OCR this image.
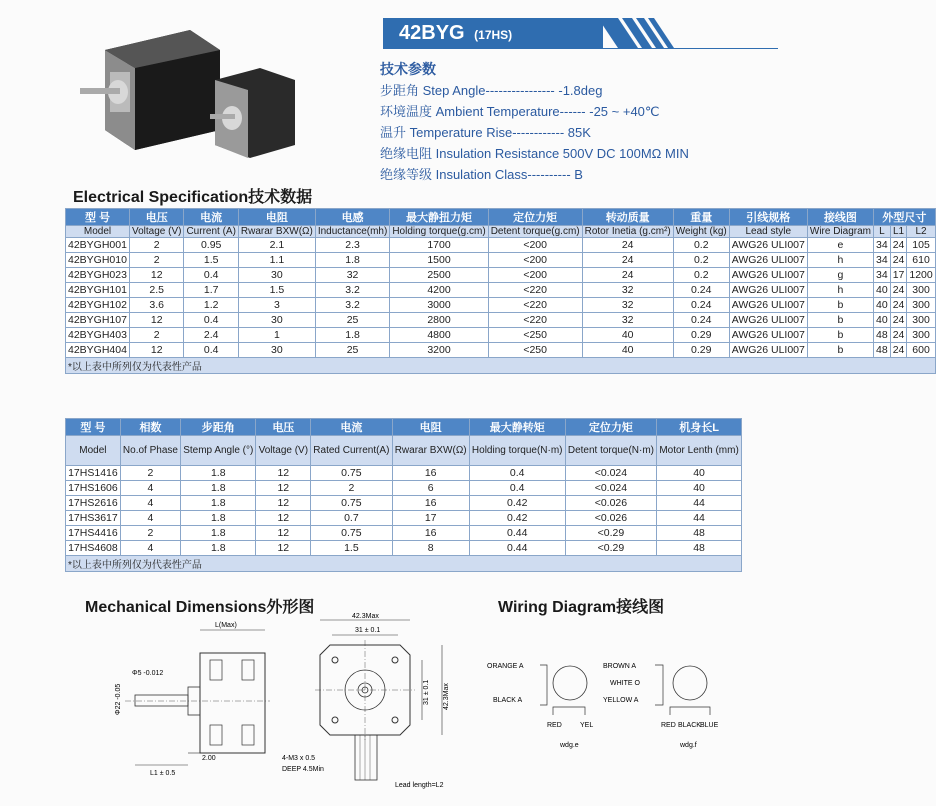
42BYG (17HS)
技术参数
步距角 Step Angle---------------- -1.8deg
环境温度 Ambient Temperature------ -25 ~ +40℃
温升 Temperature Rise------------ 85K
绝缘电阻 Insulation Resistance 500V DC 100MΩ MIN
绝缘等级 Insulation Class---------- B
Electrical Specification技术数据
型 号	电压	电流	电阻	电感	最大静扭力矩	定位力矩	转动质量	重量	引线规格	接线图	外型尺寸		
Model	Voltage (V)	Current (A)	Rwarar BXW(Ω)	Inductance(mh)	Holding torque(g.cm)	Detent torque(g.cm)	Rotor Inetia (g.cm²)	Weight (kg)	Lead style	Wire Diagram	L	L1	L2
42BYGH001	2	0.95	2.1	2.3	1700	<200	24	0.2	AWG26 ULI007	e	34	24	105
42BYGH010	2	1.5	1.1	1.8	1500	<200	24	0.2	AWG26 ULI007	h	34	24	610
42BYGH023	12	0.4	30	32	2500	<200	24	0.2	AWG26 ULI007	g	34	17	1200
42BYGH101	2.5	1.7	1.5	3.2	4200	<220	32	0.24	AWG26 ULI007	h	40	24	300
42BYGH102	3.6	1.2	3	3.2	3000	<220	32	0.24	AWG26 ULI007	b	40	24	300
42BYGH107	12	0.4	30	25	2800	<220	32	0.24	AWG26 ULI007	b	40	24	300
42BYGH403	2	2.4	1	1.8	4800	<250	40	0.29	AWG26 ULI007	b	48	24	300
42BYGH404	12	0.4	30	25	3200	<250	40	0.29	AWG26 ULI007	b	48	24	600
*以上表中所列仅为代表性产品													
型 号	相数	步距角	电压	电流	电阻	最大静转矩	定位力矩	机身长L
Model	No.of Phase	Stemp Angle (°)	Voltage (V)	Rated Current(A)	Rwarar BXW(Ω)	Holding torque(N·m)	Detent torque(N·m)	Motor Lenth (mm)
17HS1416	2	1.8	12	0.75	16	0.4	<0.024	40
17HS1606	4	1.8	12	2	6	0.4	<0.024	40
17HS2616	4	1.8	12	0.75	16	0.42	<0.026	44
17HS3617	4	1.8	12	0.7	17	0.42	<0.026	44
17HS4416	2	1.8	12	0.75	16	0.44	<0.29	48
17HS4608	4	1.8	12	1.5	8	0.44	<0.29	48
*以上表中所列仅为代表性产品								
Mechanical Dimensions外形图	Wiring Diagram接线图
L(Max)
Φ5 -0.012
Φ22 -0.05
2.00
L1 ± 0.5
42.3Max
31 ± 0.1
31 ± 0.1 42.3Max
4-M3 x 0.5
DEEP 4.5Min
Lead length=L2
ORANGE A
BLACK A
RED	YEL
wdg.e
BROWN A
WHITE O
YELLOW A
RED BLACK BLUE
wdg.f
